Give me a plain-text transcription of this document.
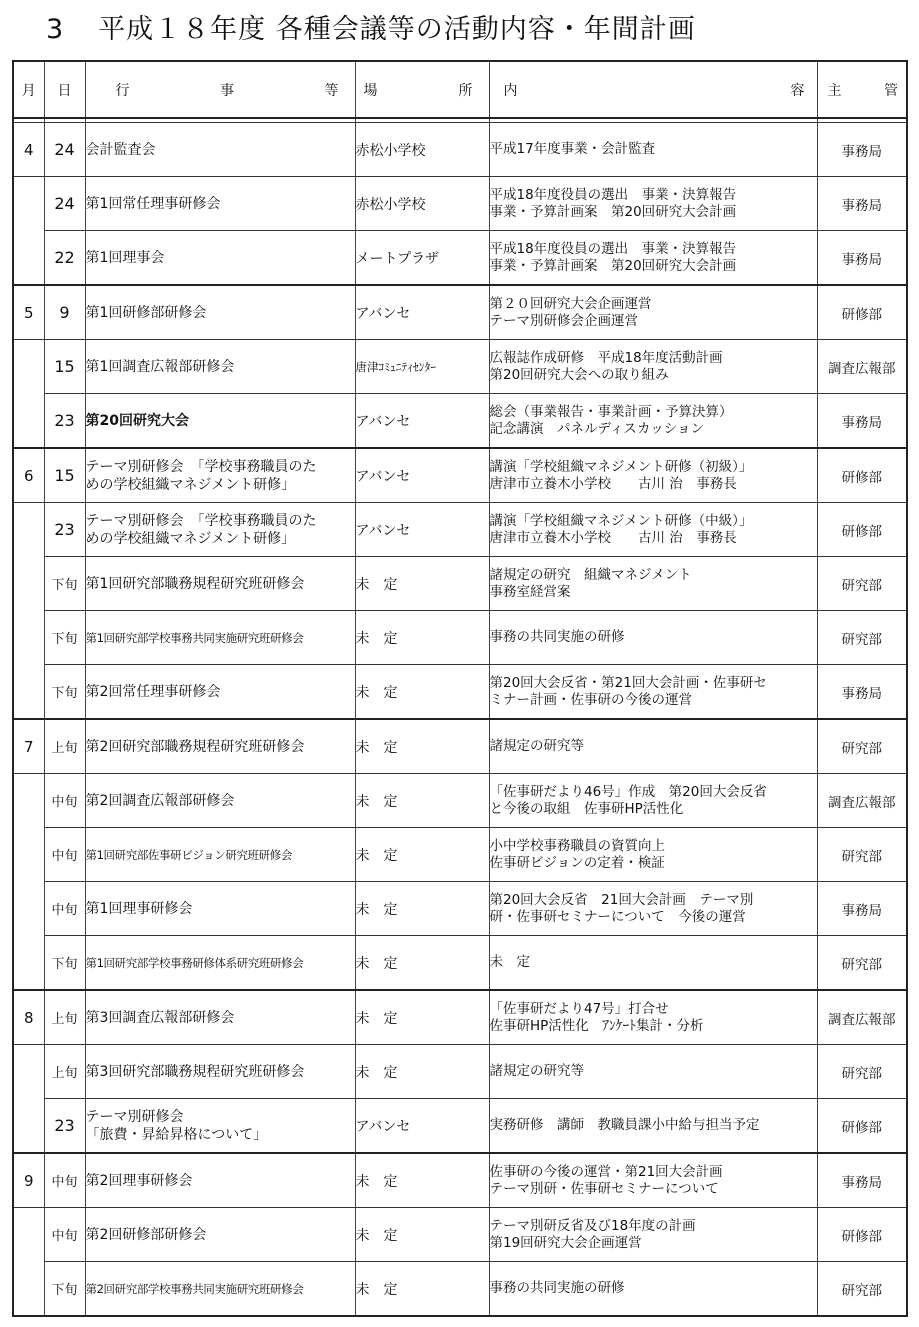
3 平成１８年度 各種会議等の活動内容・年間計画
月	日	行 事 等	場 所	内 容	主 管

4	24	会計監査会	赤松小学校	平成17年度事業・会計監査	事務局
	24	第1回常任理事研修会	赤松小学校	平成18年度役員の選出　事業・決算報告
事業・予算計画案　第20回研究大会計画	事務局
	22	第1回理事会	メートプラザ	平成18年度役員の選出　事業・決算報告
事業・予算計画案　第20回研究大会計画	事務局
5	9	第1回研修部研修会	アバンセ	第２０回研究大会企画運営
テーマ別研修会企画運営	研修部
	15	第1回調査広報部研修会	唐津ｺﾐｭﾆﾃｨｾﾝﾀｰ	広報誌作成研修　平成18年度活動計画
第20回研究大会への取り組み	調査広報部
	23	第20回研究大会	アバンセ	総会（事業報告・事業計画・予算決算）
記念講演　パネルディスカッション	事務局
6	15	テーマ別研修会　「学校事務職員のた
めの学校組織マネジメント研修」	アバンセ	講演「学校組織マネジメント研修（初級）」
唐津市立養木小学校　　古川 治　事務長	研修部
	23	テーマ別研修会　「学校事務職員のた
めの学校組織マネジメント研修」	アバンセ	講演「学校組織マネジメント研修（中級）」
唐津市立養木小学校　　古川 治　事務長	研修部
	下旬	第1回研究部職務規程研究班研修会	未　定	諸規定の研究　組織マネジメント
事務室経営案	研究部
	下旬	第1回研究部学校事務共同実施研究班研修会	未　定	事務の共同実施の研修	研究部
	下旬	第2回常任理事研修会	未　定	第20回大会反省・第21回大会計画・佐事研セ
ミナー計画・佐事研の今後の運営	事務局
7	上旬	第2回研究部職務規程研究班研修会	未　定	諸規定の研究等	研究部
	中旬	第2回調査広報部研修会	未　定	「佐事研だより46号」作成　第20回大会反省
と今後の取組　佐事研HP活性化	調査広報部
	中旬	第1回研究部佐事研ビジョン研究班研修会	未　定	小中学校事務職員の資質向上
佐事研ビジョンの定着・検証	研究部
	中旬	第1回理事研修会	未　定	第20回大会反省　21回大会計画　テーマ別
研・佐事研セミナーについて　今後の運営	事務局
	下旬	第1回研究部学校事務研修体系研究班研修会	未　定	未　定	研究部
8	上旬	第3回調査広報部研修会	未　定	「佐事研だより47号」打合せ
佐事研HP活性化　ｱﾝｹｰﾄ集計・分析	調査広報部
	上旬	第3回研究部職務規程研究班研修会	未　定	諸規定の研究等	研究部
	23	テーマ別研修会
「旅費・昇給昇格について」	アバンセ	実務研修　講師　教職員課小中給与担当予定	研修部
9	中旬	第2回理事研修会	未　定	佐事研の今後の運営・第21回大会計画
テーマ別研・佐事研セミナーについて	事務局
	中旬	第2回研修部研修会	未　定	テーマ別研反省及び18年度の計画
第19回研究大会企画運営	研修部
	下旬	第2回研究部学校事務共同実施研究班研修会	未　定	事務の共同実施の研修	研究部
